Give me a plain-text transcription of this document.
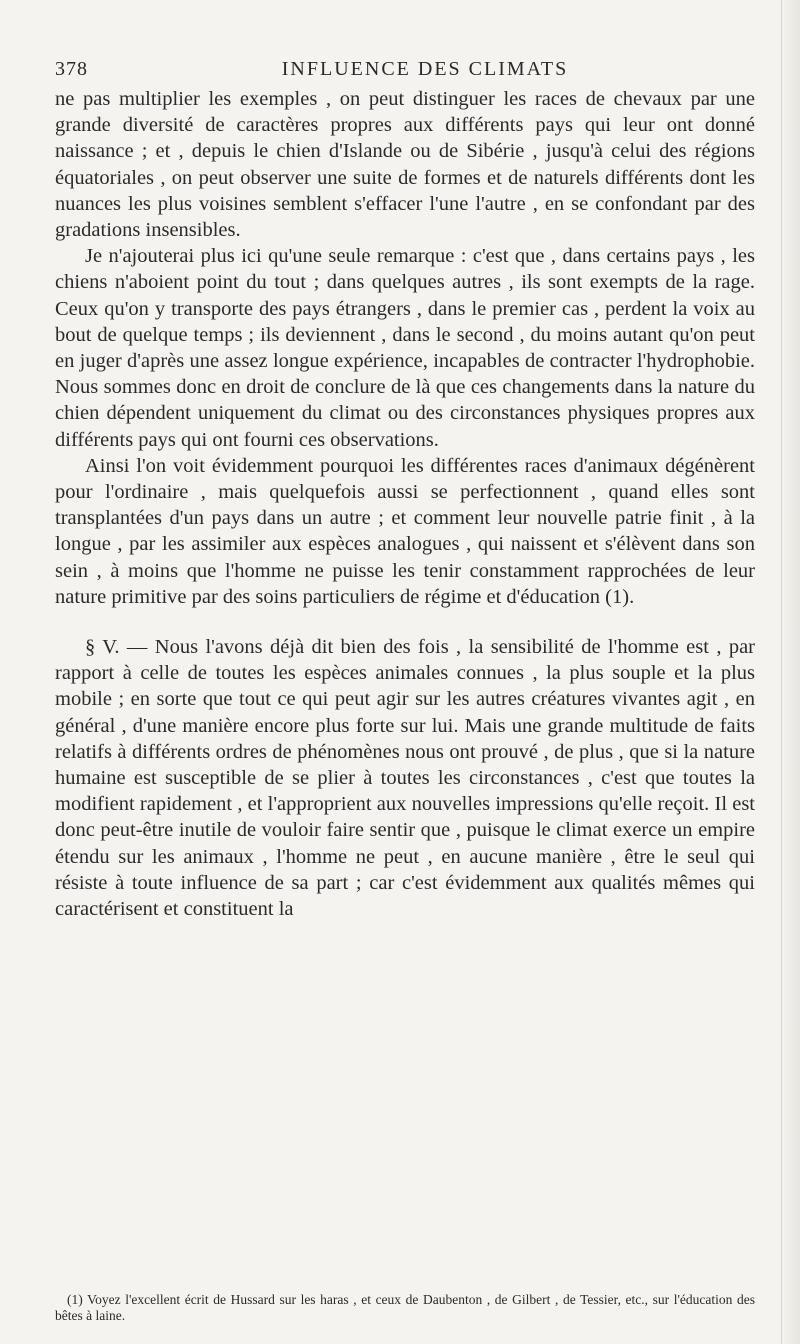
378	INFLUENCE DES CLIMATS

ne pas multiplier les exemples , on peut distinguer les races de chevaux par une grande diversité de caractères propres aux différents pays qui leur ont donné naissance ; et , depuis le chien d'Islande ou de Sibérie , jusqu'à celui des régions équatoriales , on peut observer une suite de formes et de naturels différents dont les nuances les plus voisines semblent s'effacer l'une l'autre , en se confondant par des gradations insensibles.

Je n'ajouterai plus ici qu'une seule remarque : c'est que , dans certains pays , les chiens n'aboient point du tout ; dans quelques autres , ils sont exempts de la rage. Ceux qu'on y transporte des pays étrangers , dans le premier cas , perdent la voix au bout de quelque temps ; ils deviennent , dans le second , du moins autant qu'on peut en juger d'après une assez longue expérience, incapables de contracter l'hydrophobie. Nous sommes donc en droit de conclure de là que ces changements dans la nature du chien dépendent uniquement du climat ou des circonstances physiques propres aux différents pays qui ont fourni ces observations.

Ainsi l'on voit évidemment pourquoi les différentes races d'animaux dégénèrent pour l'ordinaire , mais quelquefois aussi se perfectionnent , quand elles sont transplantées d'un pays dans un autre ; et comment leur nouvelle patrie finit , à la longue , par les assimiler aux espèces analogues , qui naissent et s'élèvent dans son sein , à moins que l'homme ne puisse les tenir constamment rapprochées de leur nature primitive par des soins particuliers de régime et d'éducation (1).

§ V. — Nous l'avons déjà dit bien des fois , la sensibilité de l'homme est , par rapport à celle de toutes les espèces animales connues , la plus souple et la plus mobile ; en sorte que tout ce qui peut agir sur les autres créatures vivantes agit , en général , d'une manière encore plus forte sur lui. Mais une grande multitude de faits relatifs à différents ordres de phénomènes nous ont prouvé , de plus , que si la nature humaine est susceptible de se plier à toutes les circonstances , c'est que toutes la modifient rapidement , et l'approprient aux nouvelles impressions qu'elle reçoit. Il est donc peut-être inutile de vouloir faire sentir que , puisque le climat exerce un empire étendu sur les animaux , l'homme ne peut , en aucune manière , être le seul qui résiste à toute influence de sa part ; car c'est évidemment aux qualités mêmes qui caractérisent et constituent la

(1) Voyez l'excellent écrit de Hussard sur les haras , et ceux de Daubenton , de Gilbert , de Tessier, etc., sur l'éducation des bêtes à laine.
